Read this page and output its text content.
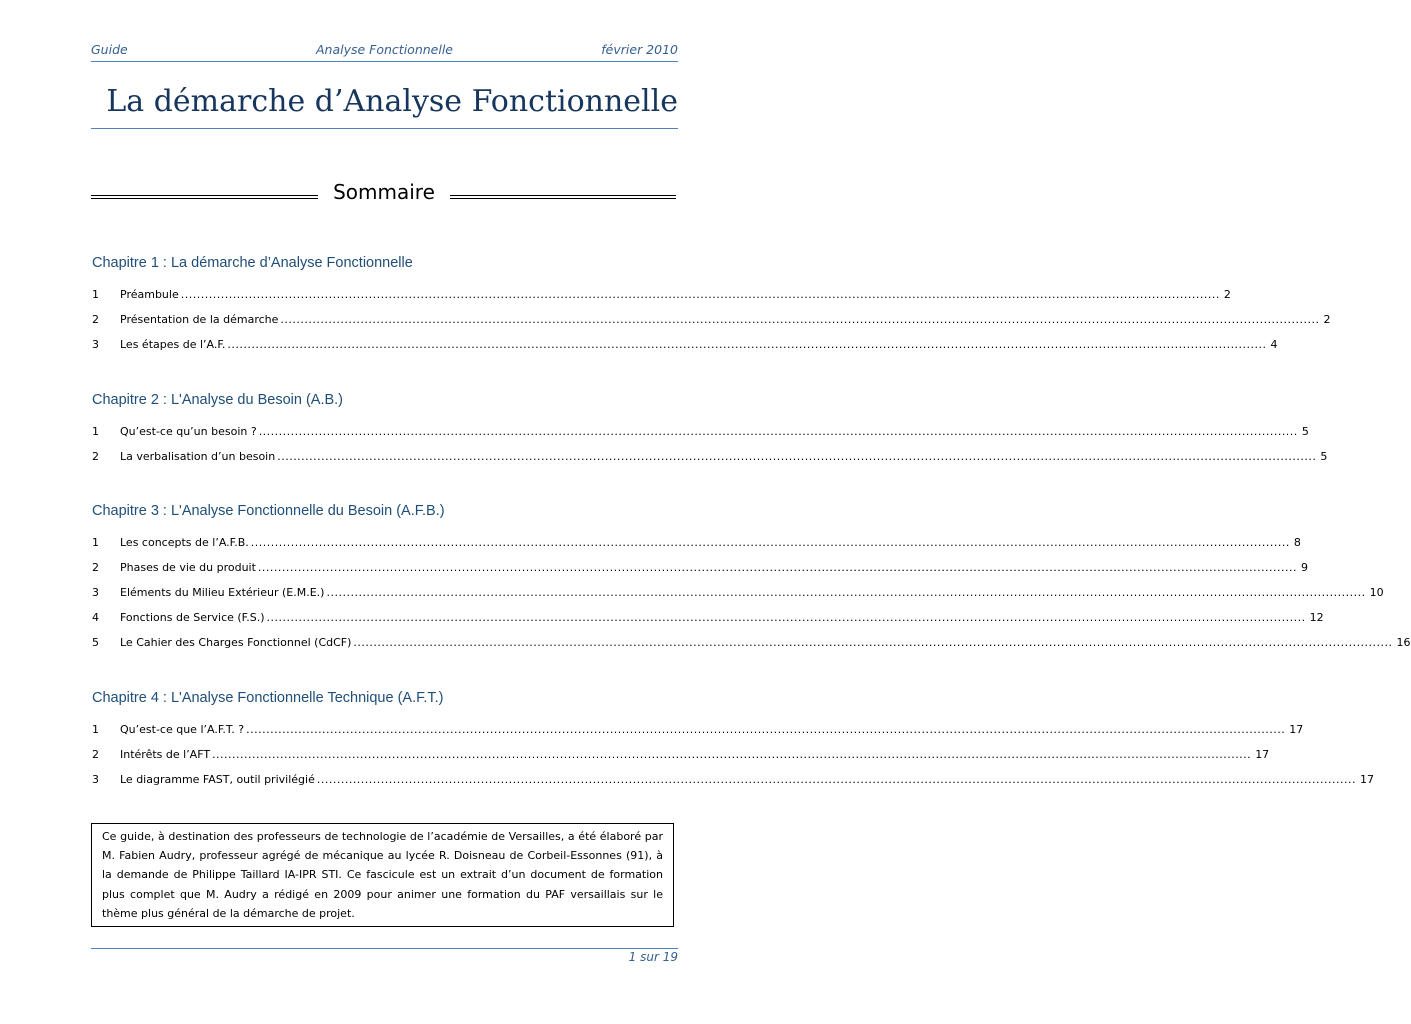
Guide	Analyse Fonctionnelle	février 2010
La démarche d’Analyse Fonctionnelle
Sommaire
Chapitre 1 : La démarche d’Analyse Fonctionnelle
1	Préambule .................................................................................................................................................................................................................................................................... 2
2	Présentation de la démarche .................................................................................................................................................................................................................................................................... 2
3	Les étapes de l’A.F. .................................................................................................................................................................................................................................................................... 4
Chapitre 2 : L'Analyse du Besoin (A.B.)
1	Qu’est-ce qu’un besoin ? .................................................................................................................................................................................................................................................................... 5
2	La verbalisation d’un besoin .................................................................................................................................................................................................................................................................... 5
Chapitre 3 : L'Analyse Fonctionnelle du Besoin (A.F.B.)
1	Les concepts de l’A.F.B. .................................................................................................................................................................................................................................................................... 8
2	Phases de vie du produit .................................................................................................................................................................................................................................................................... 9
3	Eléments du Milieu Extérieur (E.M.E.) .................................................................................................................................................................................................................................................................... 10
4	Fonctions de Service (F.S.) .................................................................................................................................................................................................................................................................... 12
5	Le Cahier des Charges Fonctionnel (CdCF) .................................................................................................................................................................................................................................................................... 16
Chapitre 4 : L'Analyse Fonctionnelle Technique (A.F.T.)
1	Qu’est-ce que l’A.F.T. ? .................................................................................................................................................................................................................................................................... 17
2	Intérêts de l’AFT .................................................................................................................................................................................................................................................................... 17
3	Le diagramme FAST, outil privilégié .................................................................................................................................................................................................................................................................... 17
Ce guide, à destination des professeurs de technologie de l’académie de Versailles, a été élaboré par M. Fabien Audry, professeur agrégé de mécanique au lycée R. Doisneau de Corbeil-Essonnes (91), à la demande de Philippe Taillard IA-IPR STI. Ce fascicule est un extrait d’un document de formation plus complet que M. Audry a rédigé en 2009 pour animer une formation du PAF versaillais sur le thème plus général de la démarche de projet.
1 sur 19
